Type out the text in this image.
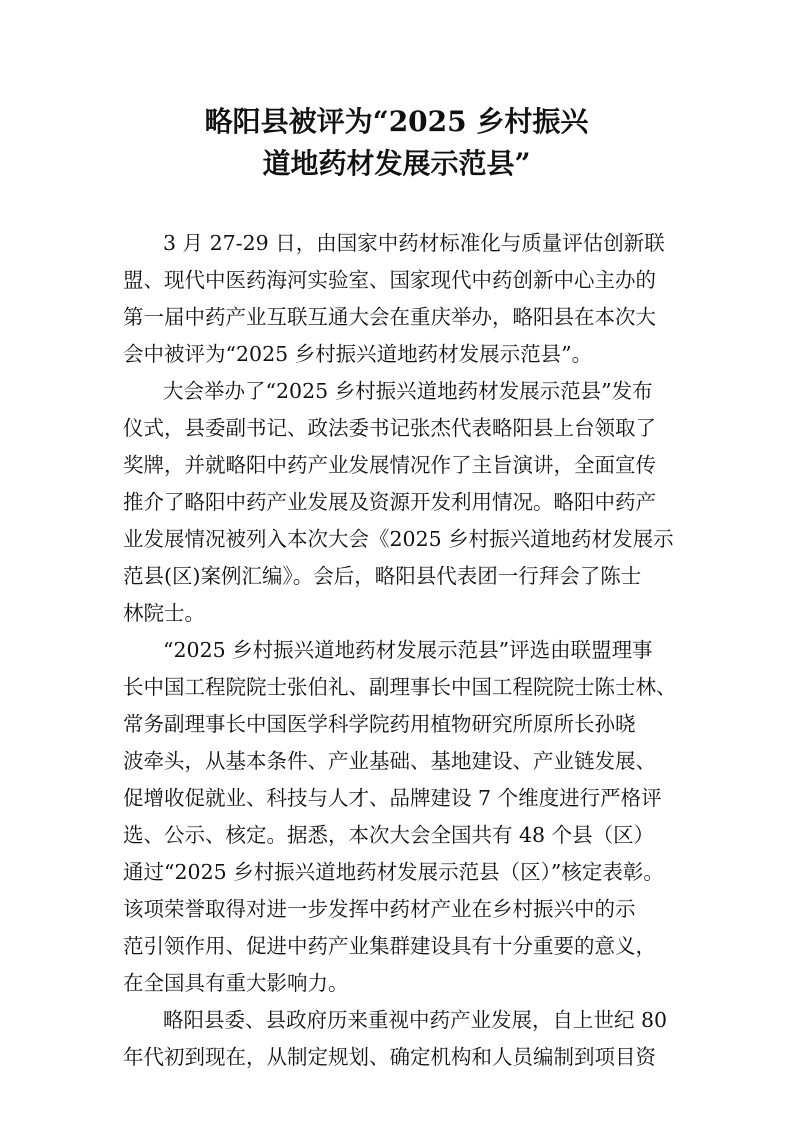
略阳县被评为“2025 乡村振兴
道地药材发展示范县”
3 月 27-29 日，由国家中药材标准化与质量评估创新联
盟、现代中医药海河实验室、国家现代中药创新中心主办的
第一届中药产业互联互通大会在重庆举办，略阳县在本次大
会中被评为“2025 乡村振兴道地药材发展示范县”。
大会举办了“2025 乡村振兴道地药材发展示范县”发布
仪式，县委副书记、政法委书记张杰代表略阳县上台领取了
奖牌，并就略阳中药产业发展情况作了主旨演讲，全面宣传
推介了略阳中药产业发展及资源开发利用情况。略阳中药产
业发展情况被列入本次大会《2025 乡村振兴道地药材发展示
范县(区)案例汇编》。会后，略阳县代表团一行拜会了陈士
林院士。
“2025 乡村振兴道地药材发展示范县”评选由联盟理事
长中国工程院院士张伯礼、副理事长中国工程院院士陈士林、
常务副理事长中国医学科学院药用植物研究所原所长孙晓
波牵头，从基本条件、产业基础、基地建设、产业链发展、
促增收促就业、科技与人才、品牌建设 7 个维度进行严格评
选、公示、核定。据悉，本次大会全国共有 48 个县（区）
通过“2025 乡村振兴道地药材发展示范县（区）”核定表彰。
该项荣誉取得对进一步发挥中药材产业在乡村振兴中的示
范引领作用、促进中药产业集群建设具有十分重要的意义，
在全国具有重大影响力。
略阳县委、县政府历来重视中药产业发展，自上世纪 80
年代初到现在，从制定规划、确定机构和人员编制到项目资
